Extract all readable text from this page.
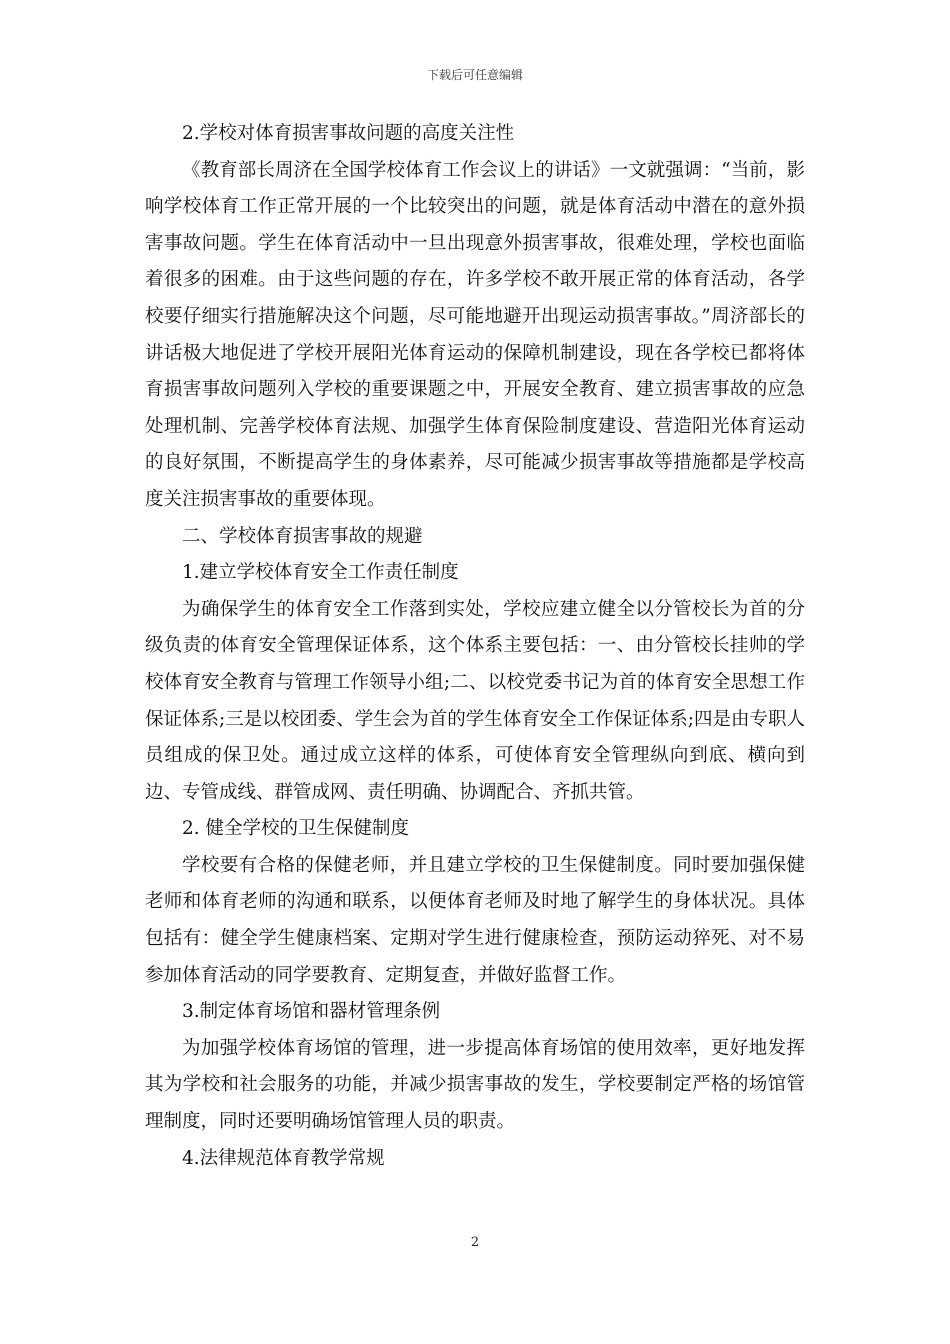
下载后可任意编辑

2.学校对体育损害事故问题的高度关注性

《教育部长周济在全国学校体育工作会议上的讲话》一文就强调：“当前，影响学校体育工作正常开展的一个比较突出的问题，就是体育活动中潜在的意外损害事故问题。学生在体育活动中一旦出现意外损害事故，很难处理，学校也面临着很多的困难。由于这些问题的存在，许多学校不敢开展正常的体育活动，各学校要仔细实行措施解决这个问题，尽可能地避开出现运动损害事故。”周济部长的讲话极大地促进了学校开展阳光体育运动的保障机制建设，现在各学校已都将体育损害事故问题列入学校的重要课题之中，开展安全教育、建立损害事故的应急处理机制、完善学校体育法规、加强学生体育保险制度建设、营造阳光体育运动的良好氛围，不断提高学生的身体素养，尽可能减少损害事故等措施都是学校高度关注损害事故的重要体现。

二、学校体育损害事故的规避

1.建立学校体育安全工作责任制度

为确保学生的体育安全工作落到实处，学校应建立健全以分管校长为首的分级负责的体育安全管理保证体系，这个体系主要包括：一、由分管校长挂帅的学校体育安全教育与管理工作领导小组;二、以校党委书记为首的体育安全思想工作保证体系;三是以校团委、学生会为首的学生体育安全工作保证体系;四是由专职人员组成的保卫处。通过成立这样的体系，可使体育安全管理纵向到底、横向到边、专管成线、群管成网、责任明确、协调配合、齐抓共管。

2. 健全学校的卫生保健制度

学校要有合格的保健老师，并且建立学校的卫生保健制度。同时要加强保健老师和体育老师的沟通和联系，以便体育老师及时地了解学生的身体状况。具体包括有：健全学生健康档案、定期对学生进行健康检查，预防运动猝死、对不易参加体育活动的同学要教育、定期复查，并做好监督工作。

3.制定体育场馆和器材管理条例

为加强学校体育场馆的管理，进一步提高体育场馆的使用效率，更好地发挥其为学校和社会服务的功能，并减少损害事故的发生，学校要制定严格的场馆管理制度，同时还要明确场馆管理人员的职责。

4.法律规范体育教学常规

2
